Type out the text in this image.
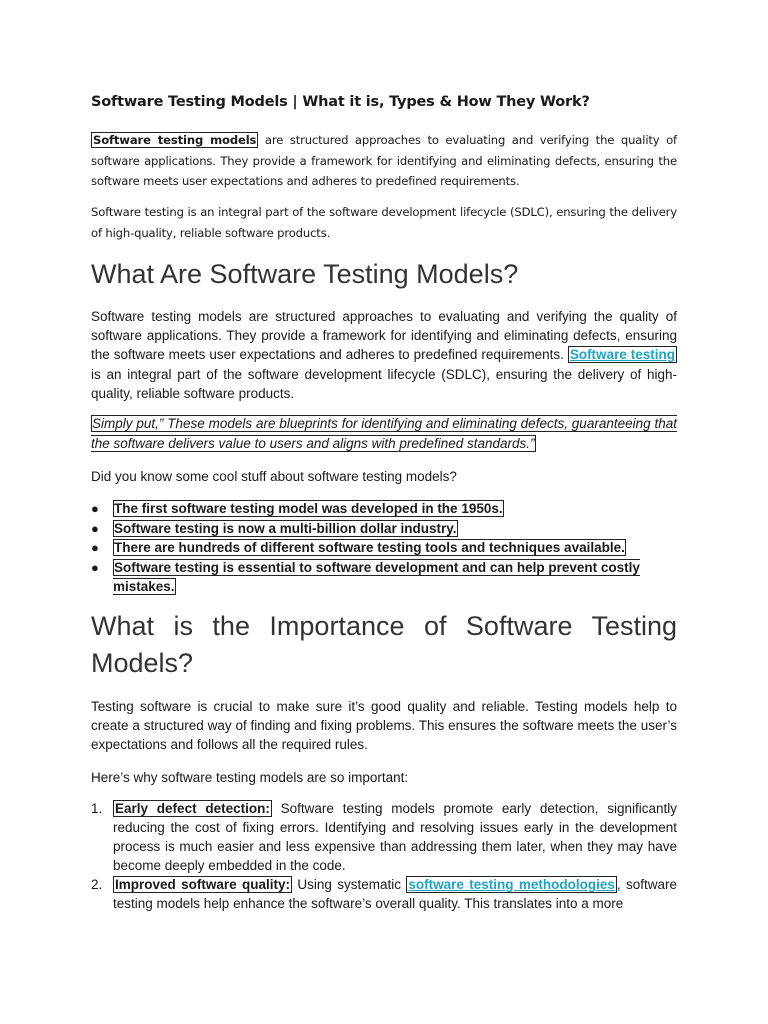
Software Testing Models | What it is, Types & How They Work?

Software testing models are structured approaches to evaluating and verifying the quality of software applications. They provide a framework for identifying and eliminating defects, ensuring the software meets user expectations and adheres to predefined requirements.

Software testing is an integral part of the software development lifecycle (SDLC), ensuring the delivery of high-quality, reliable software products.

What Are Software Testing Models?

Software testing models are structured approaches to evaluating and verifying the quality of software applications. They provide a framework for identifying and eliminating defects, ensuring the software meets user expectations and adheres to predefined requirements. Software testing is an integral part of the software development lifecycle (SDLC), ensuring the delivery of high-quality, reliable software products.

Simply put,” These models are blueprints for identifying and eliminating defects, guaranteeing that the software delivers value to users and aligns with predefined standards.”

Did you know some cool stuff about software testing models?

● The first software testing model was developed in the 1950s.
● Software testing is now a multi-billion dollar industry.
● There are hundreds of different software testing tools and techniques available.
● Software testing is essential to software development and can help prevent costly mistakes.
What is the Importance of Software Testing Models?

Testing software is crucial to make sure it’s good quality and reliable. Testing models help to create a structured way of finding and fixing problems. This ensures the software meets the user’s expectations and follows all the required rules.

Here’s why software testing models are so important:

1. Early defect detection: Software testing models promote early detection, significantly reducing the cost of fixing errors. Identifying and resolving issues early in the development process is much easier and less expensive than addressing them later, when they may have become deeply embedded in the code.
2. Improved software quality: Using systematic software testing methodologies , software testing models help enhance the software’s overall quality. This translates into a more
